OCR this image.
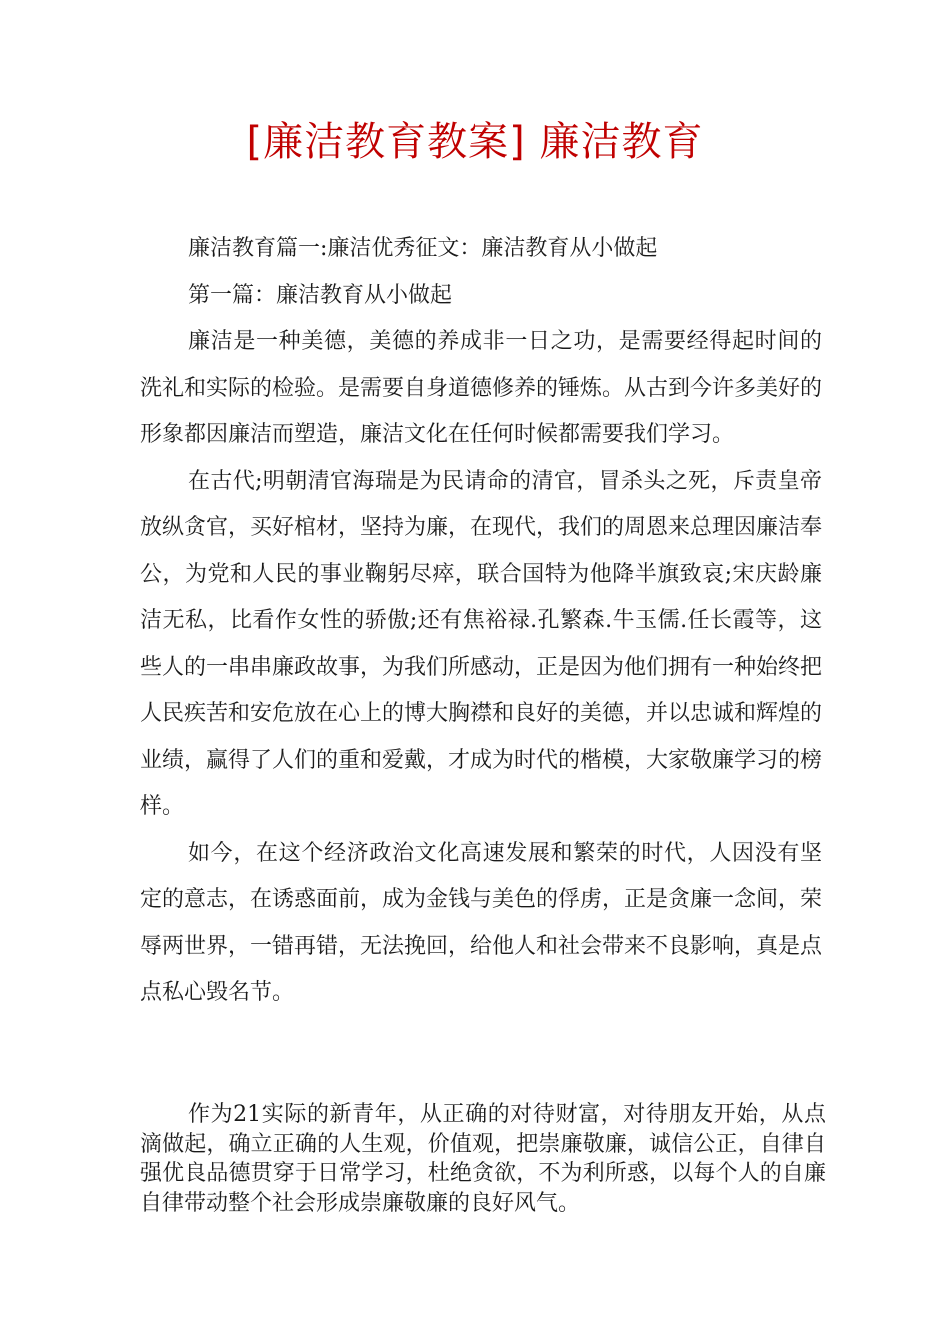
[廉洁教育教案] 廉洁教育

廉洁教育篇一:廉洁优秀征文：廉洁教育从小做起

第一篇：廉洁教育从小做起

廉洁是一种美德，美德的养成非一日之功，是需要经得起时间的洗礼和实际的检验。是需要自身道德修养的锤炼。从古到今许多美好的形象都因廉洁而塑造，廉洁文化在任何时候都需要我们学习。

在古代;明朝清官海瑞是为民请命的清官，冒杀头之死，斥责皇帝放纵贪官，买好棺材，坚持为廉，在现代，我们的周恩来总理因廉洁奉公，为党和人民的事业鞠躬尽瘁，联合国特为他降半旗致哀;宋庆龄廉洁无私，比看作女性的骄傲;还有焦裕禄.孔繁森.牛玉儒.任长霞等，这些人的一串串廉政故事，为我们所感动，正是因为他们拥有一种始终把人民疾苦和安危放在心上的博大胸襟和良好的美德，并以忠诚和辉煌的业绩，赢得了人们的重和爱戴，才成为时代的楷模，大家敬廉学习的榜样。

如今，在这个经济政治文化高速发展和繁荣的时代，人因没有坚定的意志，在诱惑面前，成为金钱与美色的俘虏，正是贪廉一念间，荣辱两世界，一错再错，无法挽回，给他人和社会带来不良影响，真是点点私心毁名节。

作为21实际的新青年，从正确的对待财富，对待朋友开始，从点滴做起，确立正确的人生观，价值观，把崇廉敬廉，诚信公正，自律自强优良品德贯穿于日常学习，杜绝贪欲，不为利所惑，以每个人的自廉自律带动整个社会形成崇廉敬廉的良好风气。
